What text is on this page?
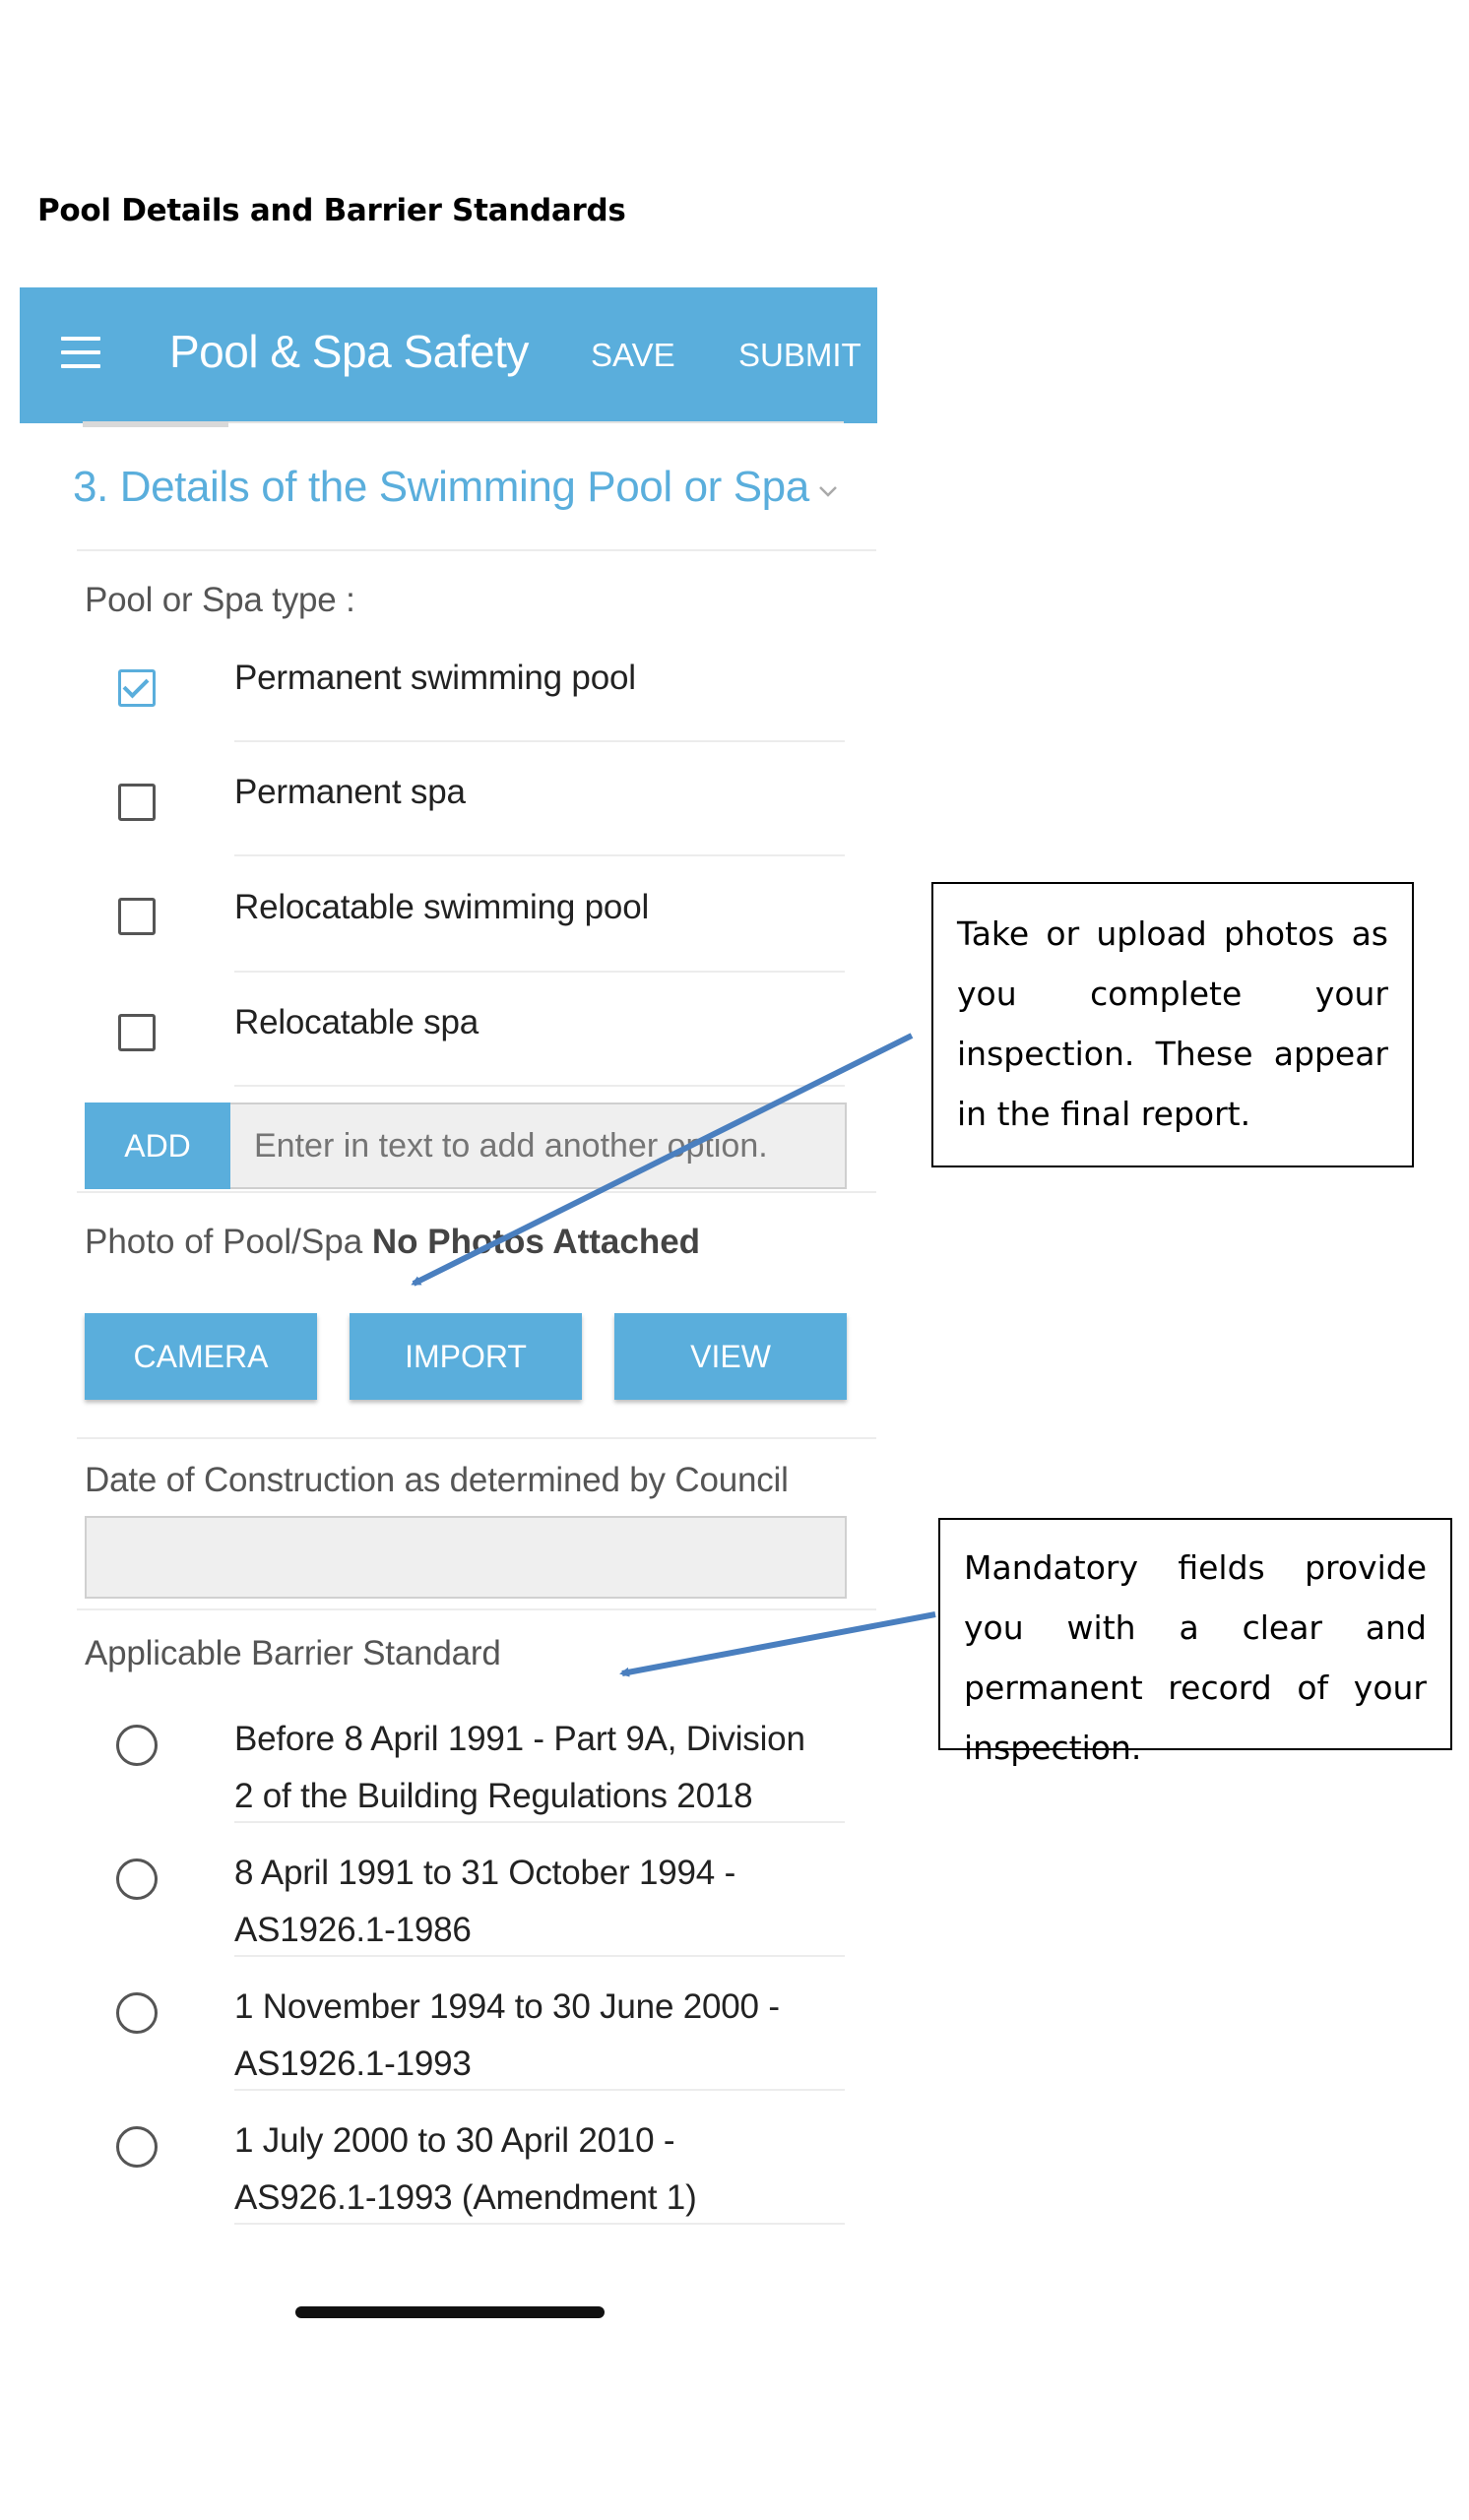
Pool Details and Barrier Standards
Pool & Spa Safety SAVE SUBMIT
3. Details of the Swimming Pool or Spa
Pool or Spa type :
Permanent swimming pool
Permanent spa
Relocatable swimming pool
Relocatable spa
ADD
Enter in text to add another option.
Photo of Pool/Spa No Photos Attached
CAMERA	IMPORT	VIEW
Date of Construction as determined by Council
Applicable Barrier Standard
Before 8 April 1991 - Part 9A, Division
2 of the Building Regulations 2018
8 April 1991 to 31 October 1994 -
AS1926.1-1986
1 November 1994 to 30 June 2000 -
AS1926.1-1993
1 July 2000 to 30 April 2010 -
AS926.1-1993 (Amendment 1)
Take or upload photos as you complete your inspection. These appear in the final report.
Mandatory fields provide you with a clear and permanent record of your inspection.
